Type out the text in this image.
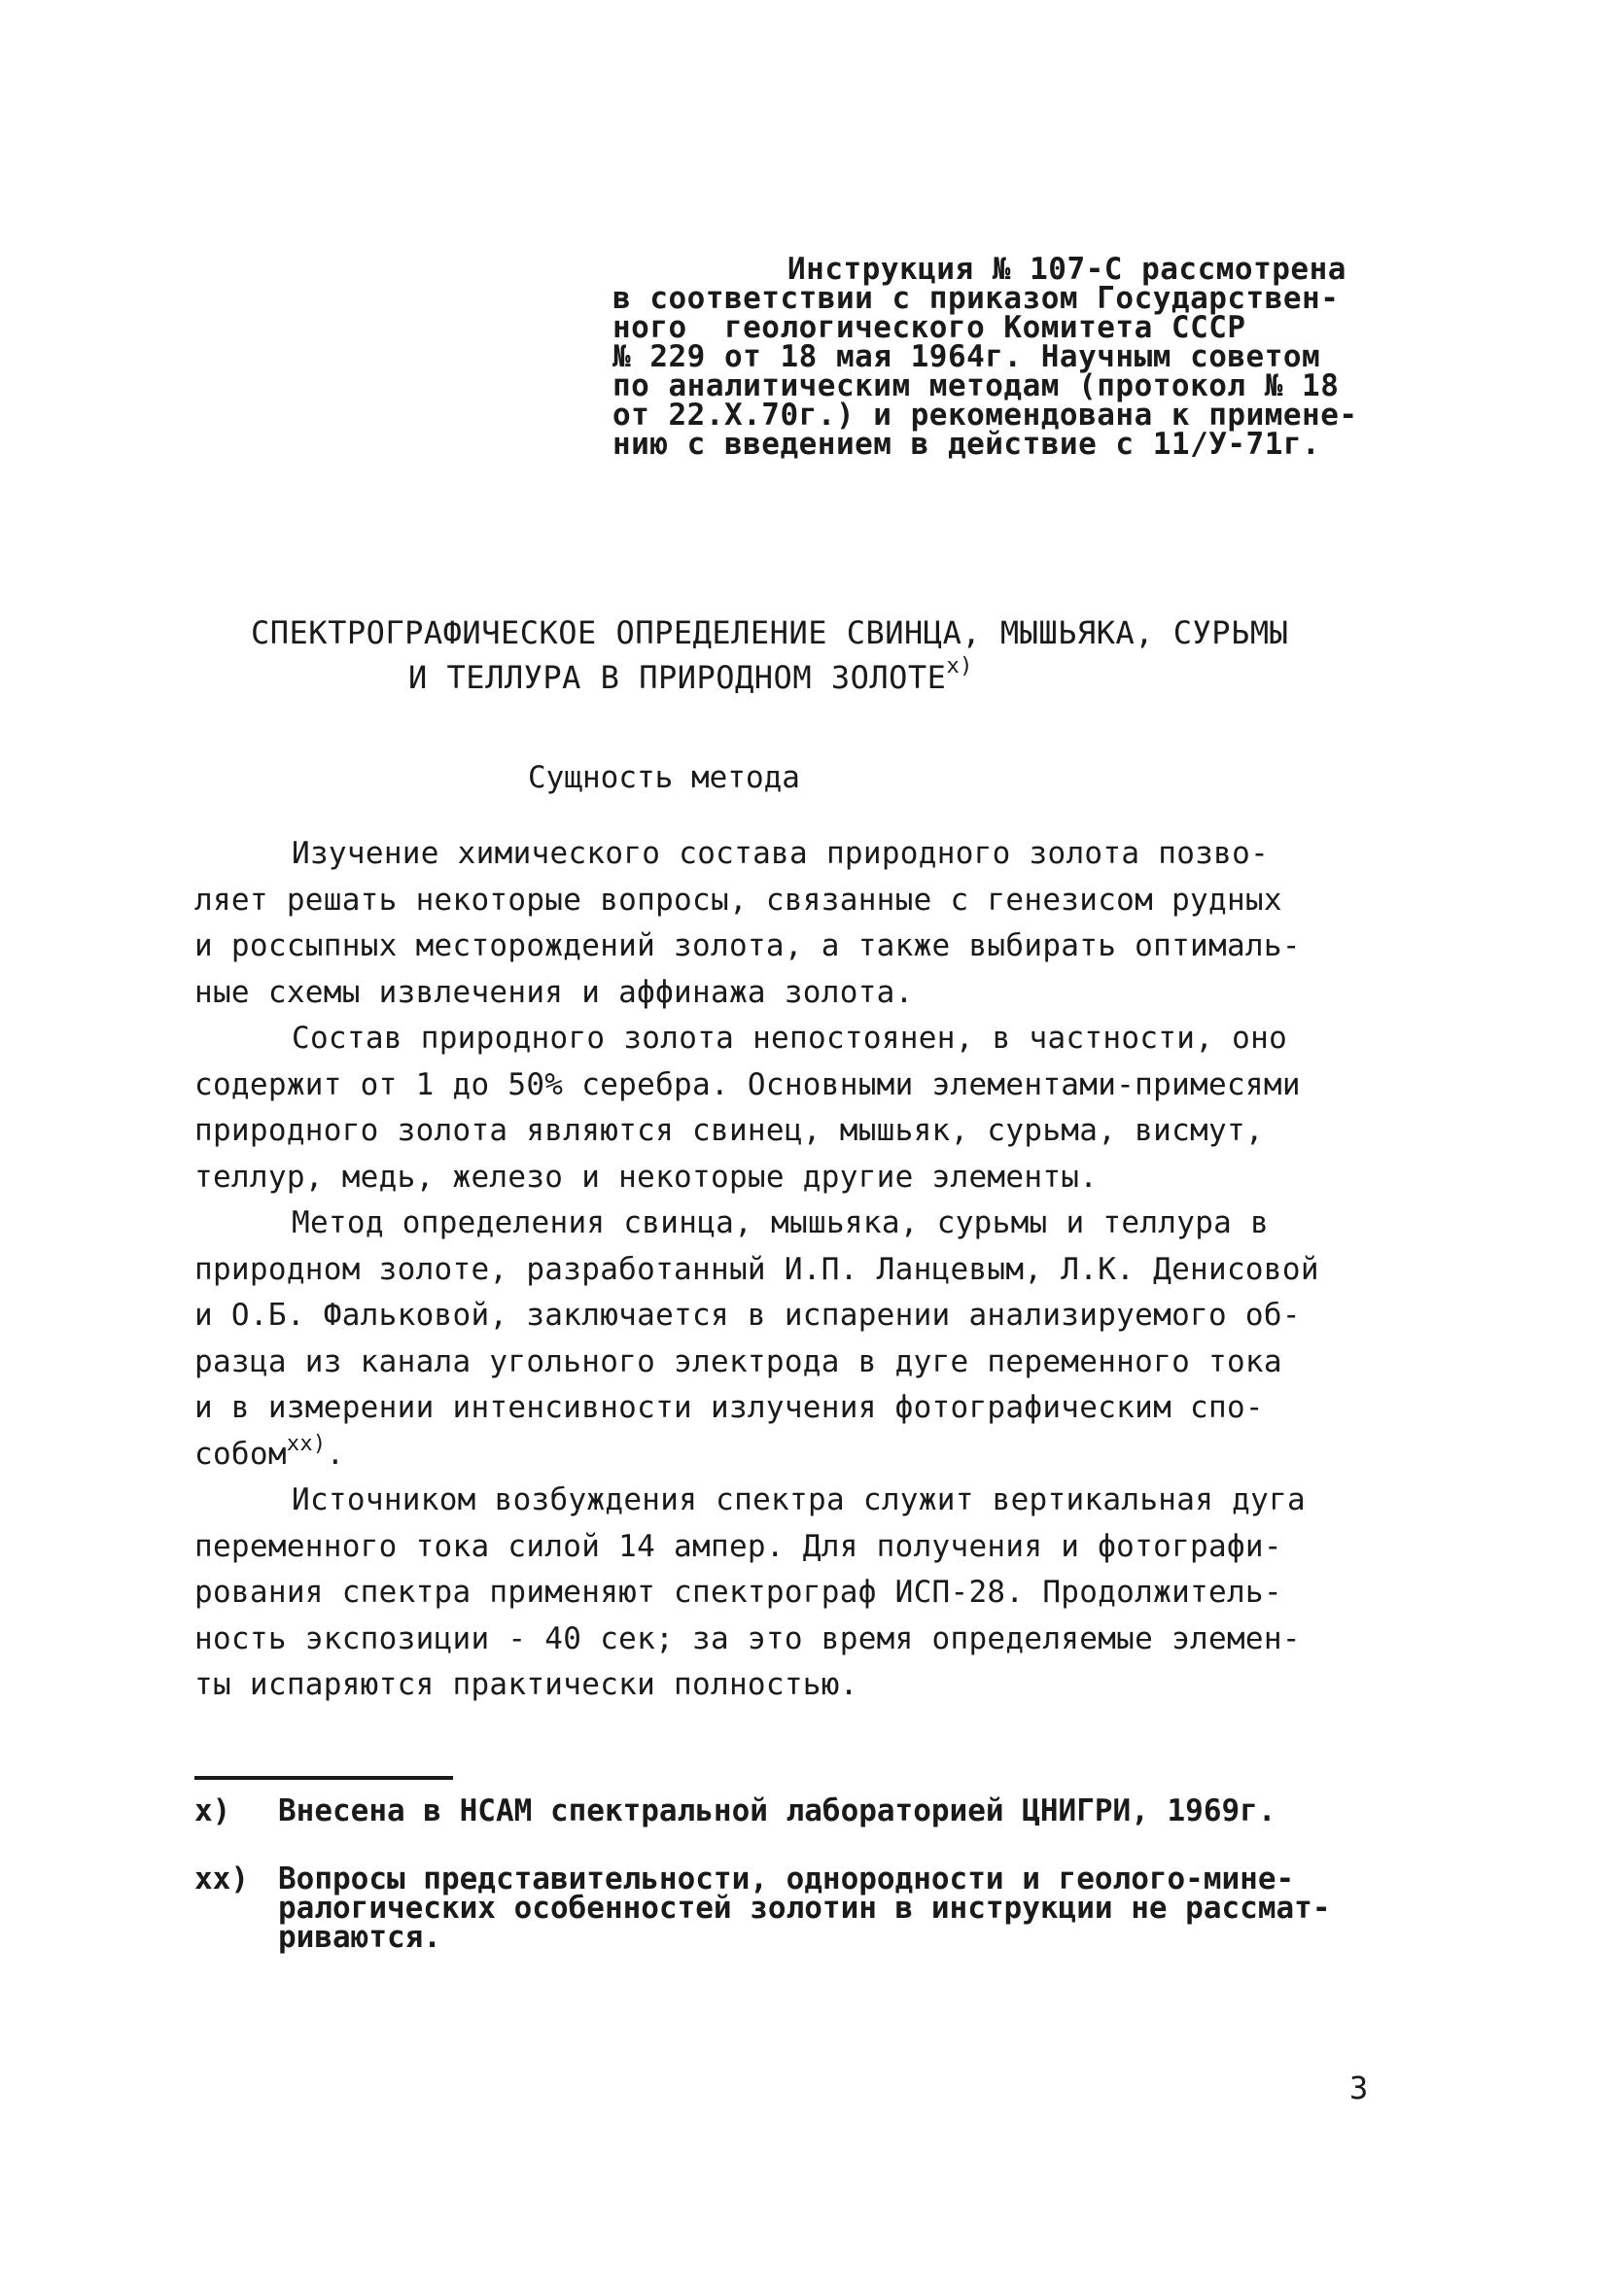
Инструкция № 107-С рассмотрена
в соответствии с приказом Государствен-
ного  геологического Комитета СССР
№ 229 от 18 мая 1964г. Научным советом
по аналитическим методам (протокол № 18
от 22.X.70г.) и рекомендована к примене-
нию с введением в действие с 11/У-71г.
СПЕКТРОГРАФИЧЕСКОЕ ОПРЕДЕЛЕНИЕ СВИНЦА, МЫШЬЯКА, СУРЬМЫ
И ТЕЛЛУРА В ПРИРОДНОМ ЗОЛОТЕ$^{x)}$
Сущность метода
Изучение химического состава природного золота позво-
ляет решать некоторые вопросы, связанные с генезисом рудных
и россыпных месторождений золота, а также выбирать оптималь-
ные схемы извлечения и аффинажа золота.
Состав природного золота непостоянен, в частности, оно
содержит от 1 до 50% серебра. Основными элементами-примесями
природного золота являются свинец, мышьяк, сурьма, висмут,
теллур, медь, железо и некоторые другие элементы.
Метод определения свинца, мышьяка, сурьмы и теллура в
природном золоте, разработанный И.П. Ланцевым, Л.К. Денисовой
и О.Б. Фальковой, заключается в испарении анализируемого об-
разца из канала угольного электрода в дуге переменного тока
и в измерении интенсивности излучения фотографическим спо-
собом$^{xx)}$.
Источником возбуждения спектра служит вертикальная дуга
переменного тока силой 14 ампер. Для получения и фотографи-
рования спектра применяют спектрограф ИСП-28. Продолжитель-
ность экспозиции - 40 сек; за это время определяемые элемен-
ты испаряются практически полностью.
x) Внесена в НСАМ спектральной лабораторией ЦНИГРИ, 1969г.
xx) Вопросы представительности, однородности и геолого-мине-
ралогических особенностей золотин в инструкции не рассмат-
риваются.
3
